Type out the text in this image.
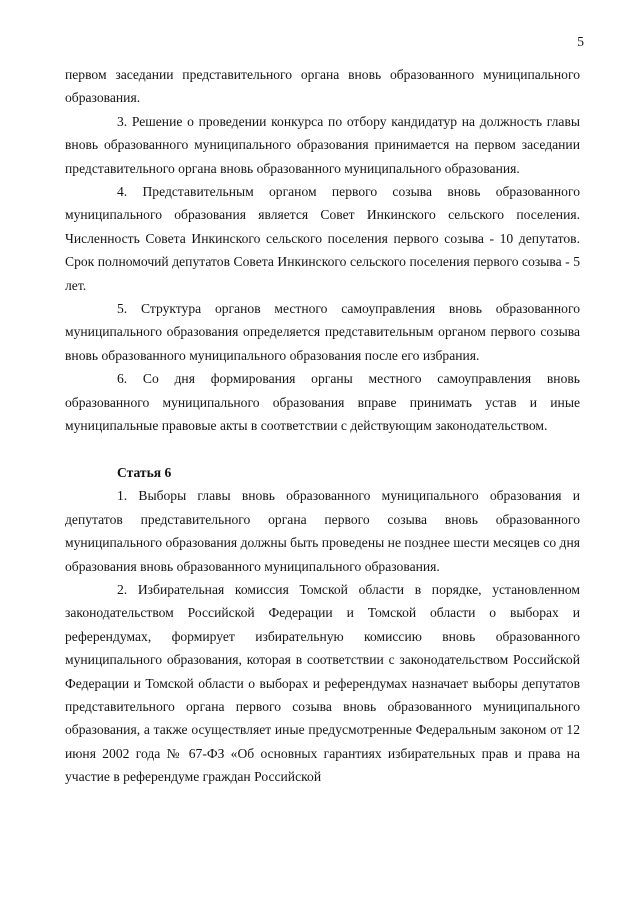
5

первом заседании представительного органа вновь образованного муниципального образования.

3. Решение о проведении конкурса по отбору кандидатур на должность главы вновь образованного муниципального образования принимается на первом заседании представительного органа вновь образованного муниципального образования.

4. Представительным органом первого созыва вновь образованного муниципального образования является Совет Инкинского сельского поселения. Численность Совета Инкинского сельского поселения первого созыва - 10 депутатов. Срок полномочий депутатов Совета Инкинского сельского поселения первого созыва - 5 лет.

5. Структура органов местного самоуправления вновь образованного муниципального образования определяется представительным органом первого созыва вновь образованного муниципального образования после его избрания.

6. Со дня формирования органы местного самоуправления вновь образованного муниципального образования вправе принимать устав и иные муниципальные правовые акты в соответствии с действующим законодательством.

Статья 6

1. Выборы главы вновь образованного муниципального образования и депутатов представительного органа первого созыва вновь образованного муниципального образования должны быть проведены не позднее шести месяцев со дня образования вновь образованного муниципального образования.

2. Избирательная комиссия Томской области в порядке, установленном законодательством Российской Федерации и Томской области о выборах и референдумах, формирует избирательную комиссию вновь образованного муниципального образования, которая в соответствии с законодательством Российской Федерации и Томской области о выборах и референдумах назначает выборы депутатов представительного органа первого созыва вновь образованного муниципального образования, а также осуществляет иные предусмотренные Федеральным законом от 12 июня 2002 года № 67-ФЗ «Об основных гарантиях избирательных прав и права на участие в референдуме граждан Российской
